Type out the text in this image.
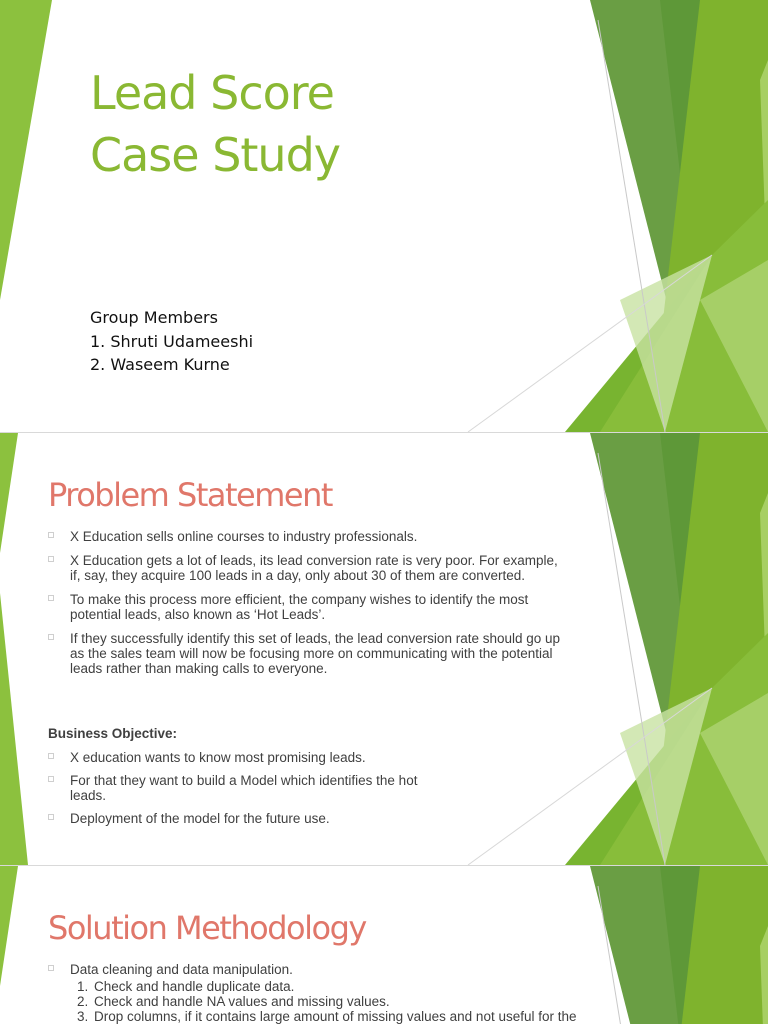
Lead Score
Case Study
Group Members
1. Shruti Udameeshi
2. Waseem Kurne
Problem Statement
X Education sells online courses to industry professionals.
X Education gets a lot of leads, its lead conversion rate is very poor. For example, if, say, they acquire 100 leads in a day, only about 30 of them are converted.
To make this process more efficient, the company wishes to identify the most potential leads, also known as ‘Hot Leads’.
If they successfully identify this set of leads, the lead conversion rate should go up as the sales team will now be focusing more on communicating with the potential leads rather than making calls to everyone.
Business Objective:
X education wants to know most promising leads.
For that they want to build a Model which identifies the hot leads.
Deployment of the model for the future use.
Solution Methodology
Data cleaning and data manipulation.
1. Check and handle duplicate data.
2. Check and handle NA values and missing values.
3. Drop columns, if it contains large amount of missing values and not useful for the
